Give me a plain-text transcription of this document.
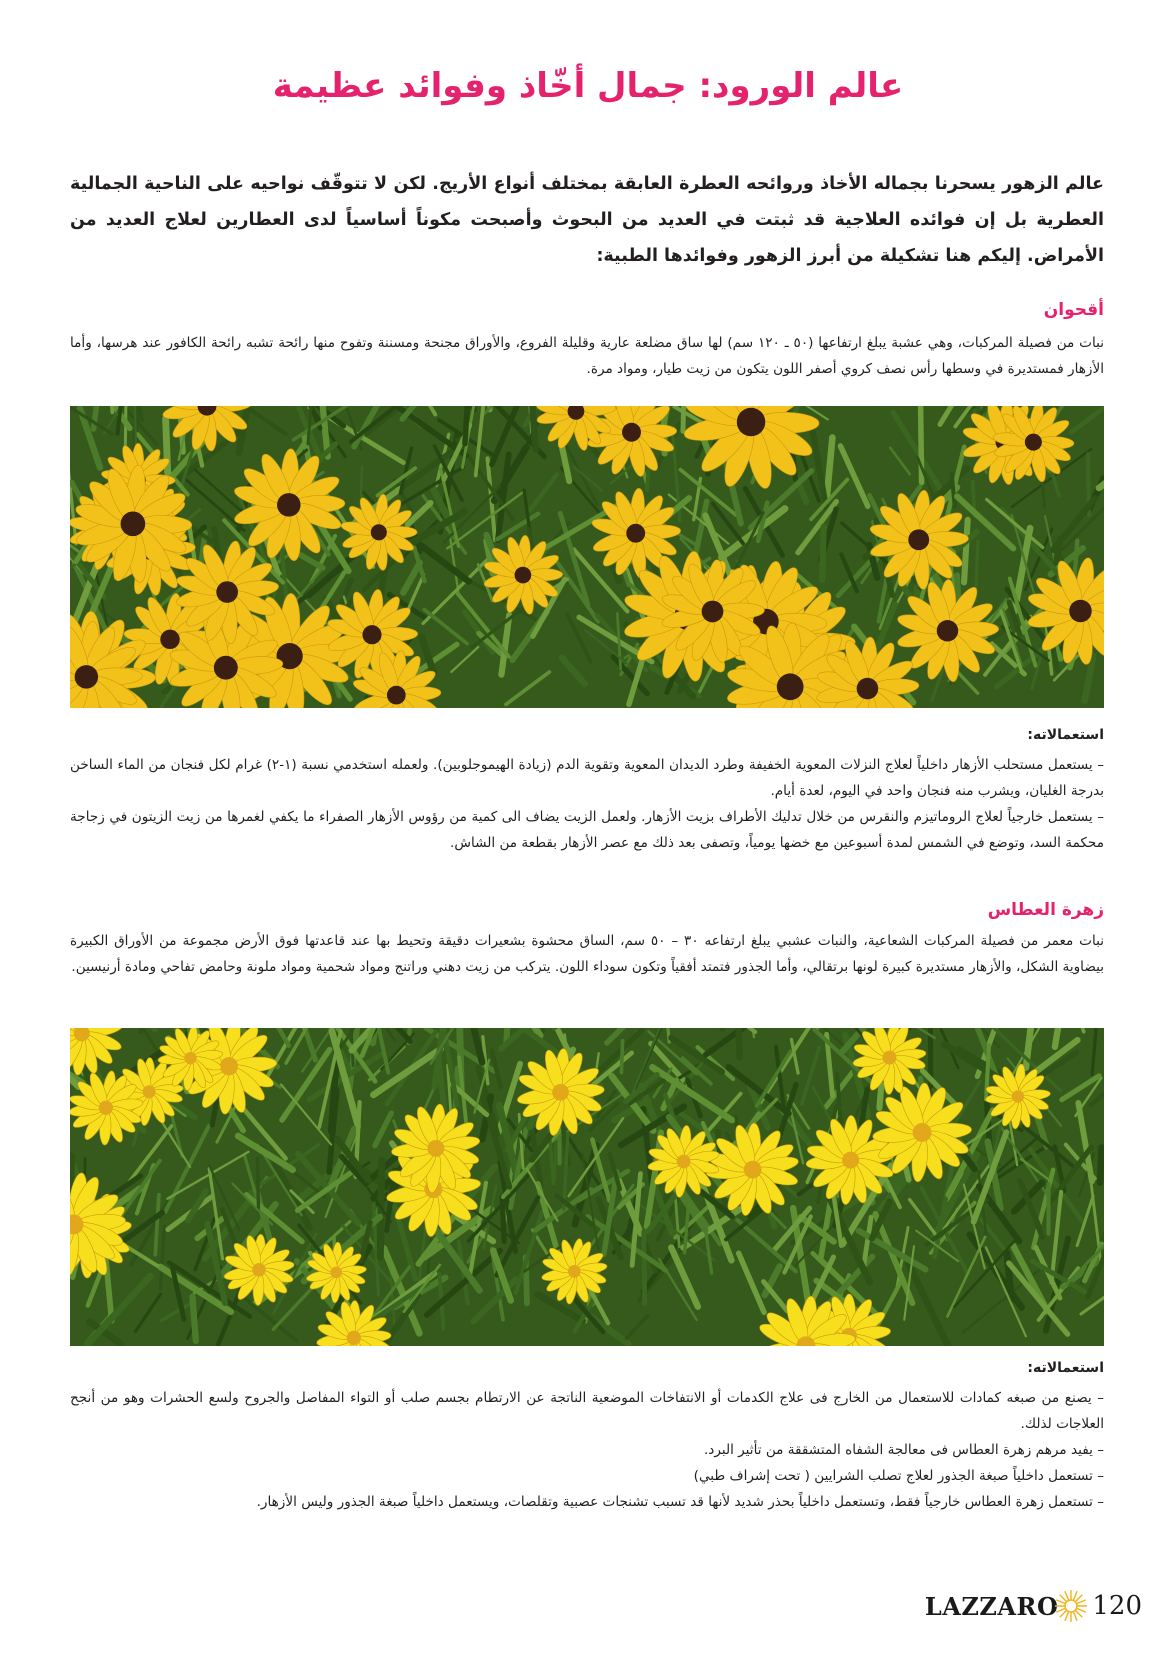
عالم الورود: جمال أخّاذ وفوائد عظيمة

عالم الزهور يسحرنا بجماله الأخاذ وروائحه العطرة العابقة بمختلف أنواع الأريج. لكن لا تتوقّف نواحيه على الناحية الجمالية العطرية بل إن فوائده العلاجية قد ثبتت في العديد من البحوث وأصبحت مكوناً أساسياً لدى العطارين لعلاج العديد من الأمراض. إليكم هنا تشكيلة من أبرز الزهور وفوائدها الطبية:

أقحوان

نبات من فصيلة المركبات، وهي عشبة يبلغ ارتفاعها (٥٠ ـ ١٢٠ سم) لها ساق مضلعة عارية وقليلة الفروع، والأوراق مجنحة ومسننة وتفوح منها رائحة تشبه رائحة الكافور عند هرسها، وأما الأزهار فمستديرة في وسطها رأس نصف كروي أصفر اللون يتكون من زيت طيار، ومواد مرة.

استعمالاته:
– يستعمل مستحلب الأزهار داخلياً لعلاج النزلات المعوية الخفيفة وطرد الديدان المعوية وتقوية الدم (زيادة الهيموجلوبين). ولعمله استخدمي نسبة (١-٢) غرام لكل فنجان من الماء الساخن بدرجة الغليان، ويشرب منه فنجان واحد في اليوم، لعدة أيام.
– يستعمل خارجياً لعلاج الروماتيزم والنقرس من خلال تدليك الأطراف بزيت الأزهار. ولعمل الزيت يضاف الى كمية من رؤوس الأزهار الصفراء ما يكفي لغمرها من زيت الزيتون في زجاجة محكمة السد، وتوضع في الشمس لمدة أسبوعين مع خضها يومياً، وتصفى بعد ذلك مع عصر الأزهار بقطعة من الشاش.
زهرة العطاس

نبات معمر من فصيلة المركبات الشعاعية، والنبات عشبي يبلغ ارتفاعه ٣٠ – ٥٠ سم، الساق محشوة بشعيرات دقيقة وتحيط بها عند قاعدتها فوق الأرض مجموعة من الأوراق الكبيرة بيضاوية الشكل، والأزهار مستديرة كبيرة لونها برتقالي، وأما الجذور فتمتد أفقياً وتكون سوداء اللون. يتركب من زيت دهني وراتنج ومواد شحمية ومواد ملونة وحامض تفاحي ومادة أرنيسين.

استعمالاته:
– يصنع من صبغه كمادات للاستعمال من الخارج فى علاج الكدمات أو الانتفاخات الموضعية الناتجة عن الارتطام بجسم صلب أو التواء المفاصل والجروح ولسع الحشرات وهو من أنجح العلاجات لذلك.
– يفيد مرهم زهرة العطاس فى معالجة الشفاه المتشققة من تأثير البرد.
– تستعمل داخلياً صبغة الجذور لعلاج تصلب الشرايين ( تحت إشراف طبي)
– تستعمل زهرة العطاس خارجياً فقط، وتستعمل داخلياً بحذر شديد لأنها قد تسبب تشنجات عصبية وتقلصات، ويستعمل داخلياً صبغة الجذور وليس الأزهار.
LAZZARO 120
